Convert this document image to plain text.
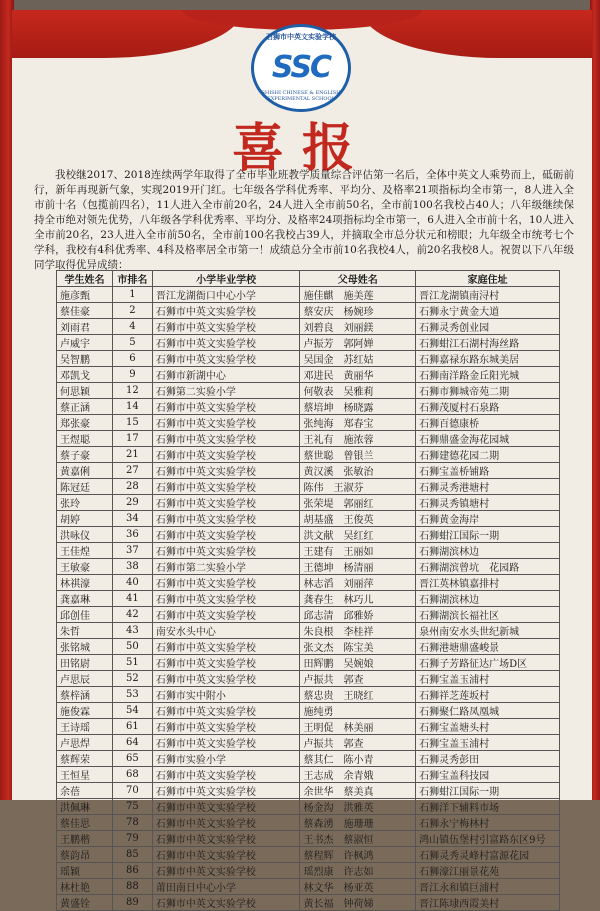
石狮市中英文实验学校
SSC
SHISHI CHINESE & ENGLISH EXPERIMENTAL SCHOOL
喜报

我校继2017、2018连续两学年取得了全市毕业班教学质量综合评估第一名后，全体中英文人乘势而上，砥砺前行，新年再现新气象，实现2019开门红。七年级各学科优秀率、平均分、及格率21项指标均全市第一，8人进入全市前十名（包揽前四名），11人进入全市前20名，24人进入全市前50名，全市前100名我校占40人；八年级继续保持全市绝对领先优势，八年级各学科优秀率、平均分、及格率24项指标均全市第一，6人进入全市前十名，10人进入全市前20名，23人进入全市前50名，全市前100名我校占39人，并摘取全市总分状元和榜眼；九年级全市统考七个学科，我校有4科优秀率、4科及格率居全市第一！成绩总分全市前10名我校4人，前20名我校8人。祝贺以下八年级同学取得优异成绩：

学生姓名	市排名	小学毕业学校	父母姓名	家庭住址
施彦甄	1	晋江龙湖衙口中心小学	施佳麒　施美莲	晋江龙湖镇南浔村
蔡佳豪	2	石狮市中英文实验学校	蔡安庆　杨婉珍	石狮永宁黄金大道
刘雨君	4	石狮市中英文实验学校	刘碧良　刘丽鎂	石狮灵秀创业园
卢威宇	5	石狮市中英文实验学校	卢振芳　郭阿婵	石狮蚶江石湖村海丝路
吴智鹏	6	石狮市中英文实验学校	吴国金　苏红姑	石狮嘉禄东路东城美居
邓凯戈	9	石狮市新湖中心	邓进民　黄丽华	石狮南洋路金丘阳光城
何思颖	12	石狮第二实验小学	何敬表　吴雅莉	石狮市狮城帝苑二期
蔡正涵	14	石狮市中英文实验学校	蔡培坤　杨晓露	石狮茂厦村石泉路
郑张豪	15	石狮市中英文实验学校	张纯海　郑春宝	石狮百德康桥
王煜聪	17	石狮市中英文实验学校	王礼有　施浓蓉	石狮鼎盛金海花园城
蔡子豪	21	石狮市中英文实验学校	蔡世聪　曾银兰	石狮建德花园二期
黄嘉俐	27	石狮市中英文实验学校	黄汉溪　张敏治	石狮宝盖桥铺路
陈冠廷	28	石狮市中英文实验学校	陈伟　王淑芬	石狮灵秀港塘村
张玲	29	石狮市中英文实验学校	张荣堤　郭丽红	石狮灵秀镇塘村
胡婷	34	石狮市中英文实验学校	胡基盛　王俊英	石狮黄金海岸
洪咏仪	36	石狮市中英文实验学校	洪文献　吴红红	石狮蚶江国际一期
王佳煌	37	石狮市中英文实验学校	王建有　王丽如	石狮湖滨林边
王敏豪	38	石狮市第二实验小学	王德坤　杨清丽	石狮湖滨曾坑　花园路
林祺濠	40	石狮市中英文实验学校	林志滔　刘丽萍	晋江英林镇嘉排村
龚嘉琳	41	石狮市中英文实验学校	龚春生　林巧儿	石狮湖滨林边
邱创佳	42	石狮市中英文实验学校	邱志清　邱雅娇	石狮湖滨长福社区
朱哲	43	南安水头中心	朱良根　李桂祥	泉州南安水头世纪新城
张铭城	50	石狮市中英文实验学校	张文杰　陈宝美	石狮港塘鼎盛峻景
田铭尉	51	石狮市中英文实验学校	田辉鹏　吴婉娘	石狮子芳路征达广场D区
卢思辰	52	石狮市中英文实验学校	卢振共　郭查	石狮宝盖玉浦村
蔡梓涵	53	石狮市实中附小	蔡忠贵　王晓红	石狮祥芝莲坂村
施俊霖	54	石狮市中英文实验学校	施纯勇	石狮聚仁路凤凰城
王诗瑶	61	石狮市中英文实验学校	王明促　林美丽	石狮宝盖塘头村
卢思焊	64	石狮市中英文实验学校	卢振共　郭查	石狮宝盖玉浦村
蔡辉荣	65	石狮市实验小学	蔡其仁　陈小青	石狮灵秀彭田
王恒星	68	石狮市中英文实验学校	王志成　余青娥	石狮宝盖科技园
余蓓	70	石狮市中英文实验学校	余世华　蔡美真	石狮蚶江国际一期
洪佩琳	75	石狮市中英文实验学校	杨金沟　洪雅英	石狮洋下辅料市场
蔡佳思	78	石狮市中英文实验学校	蔡森湧　施珊珊	石狮永宁梅林村
王鹏楷	79	石狮市中英文实验学校	王书杰　蔡淑恒	鸿山镇伍堡村引富路东区9号
蔡韵昂	85	石狮市中英文实验学校	蔡程辉　许枫鸿	石狮灵秀灵峰村富源花园
瑶颖	86	石狮市中英文实验学校	瑶烈康　许志如	石狮濠江丽景花苑
林杜艳	88	莆田南日中心小学	林文华　杨亚英	晋江永和镇巨浦村
黄盛铨	89	石狮市中英文实验学校	黄长福　钟荷娣	晋江陈埭西霞美村
